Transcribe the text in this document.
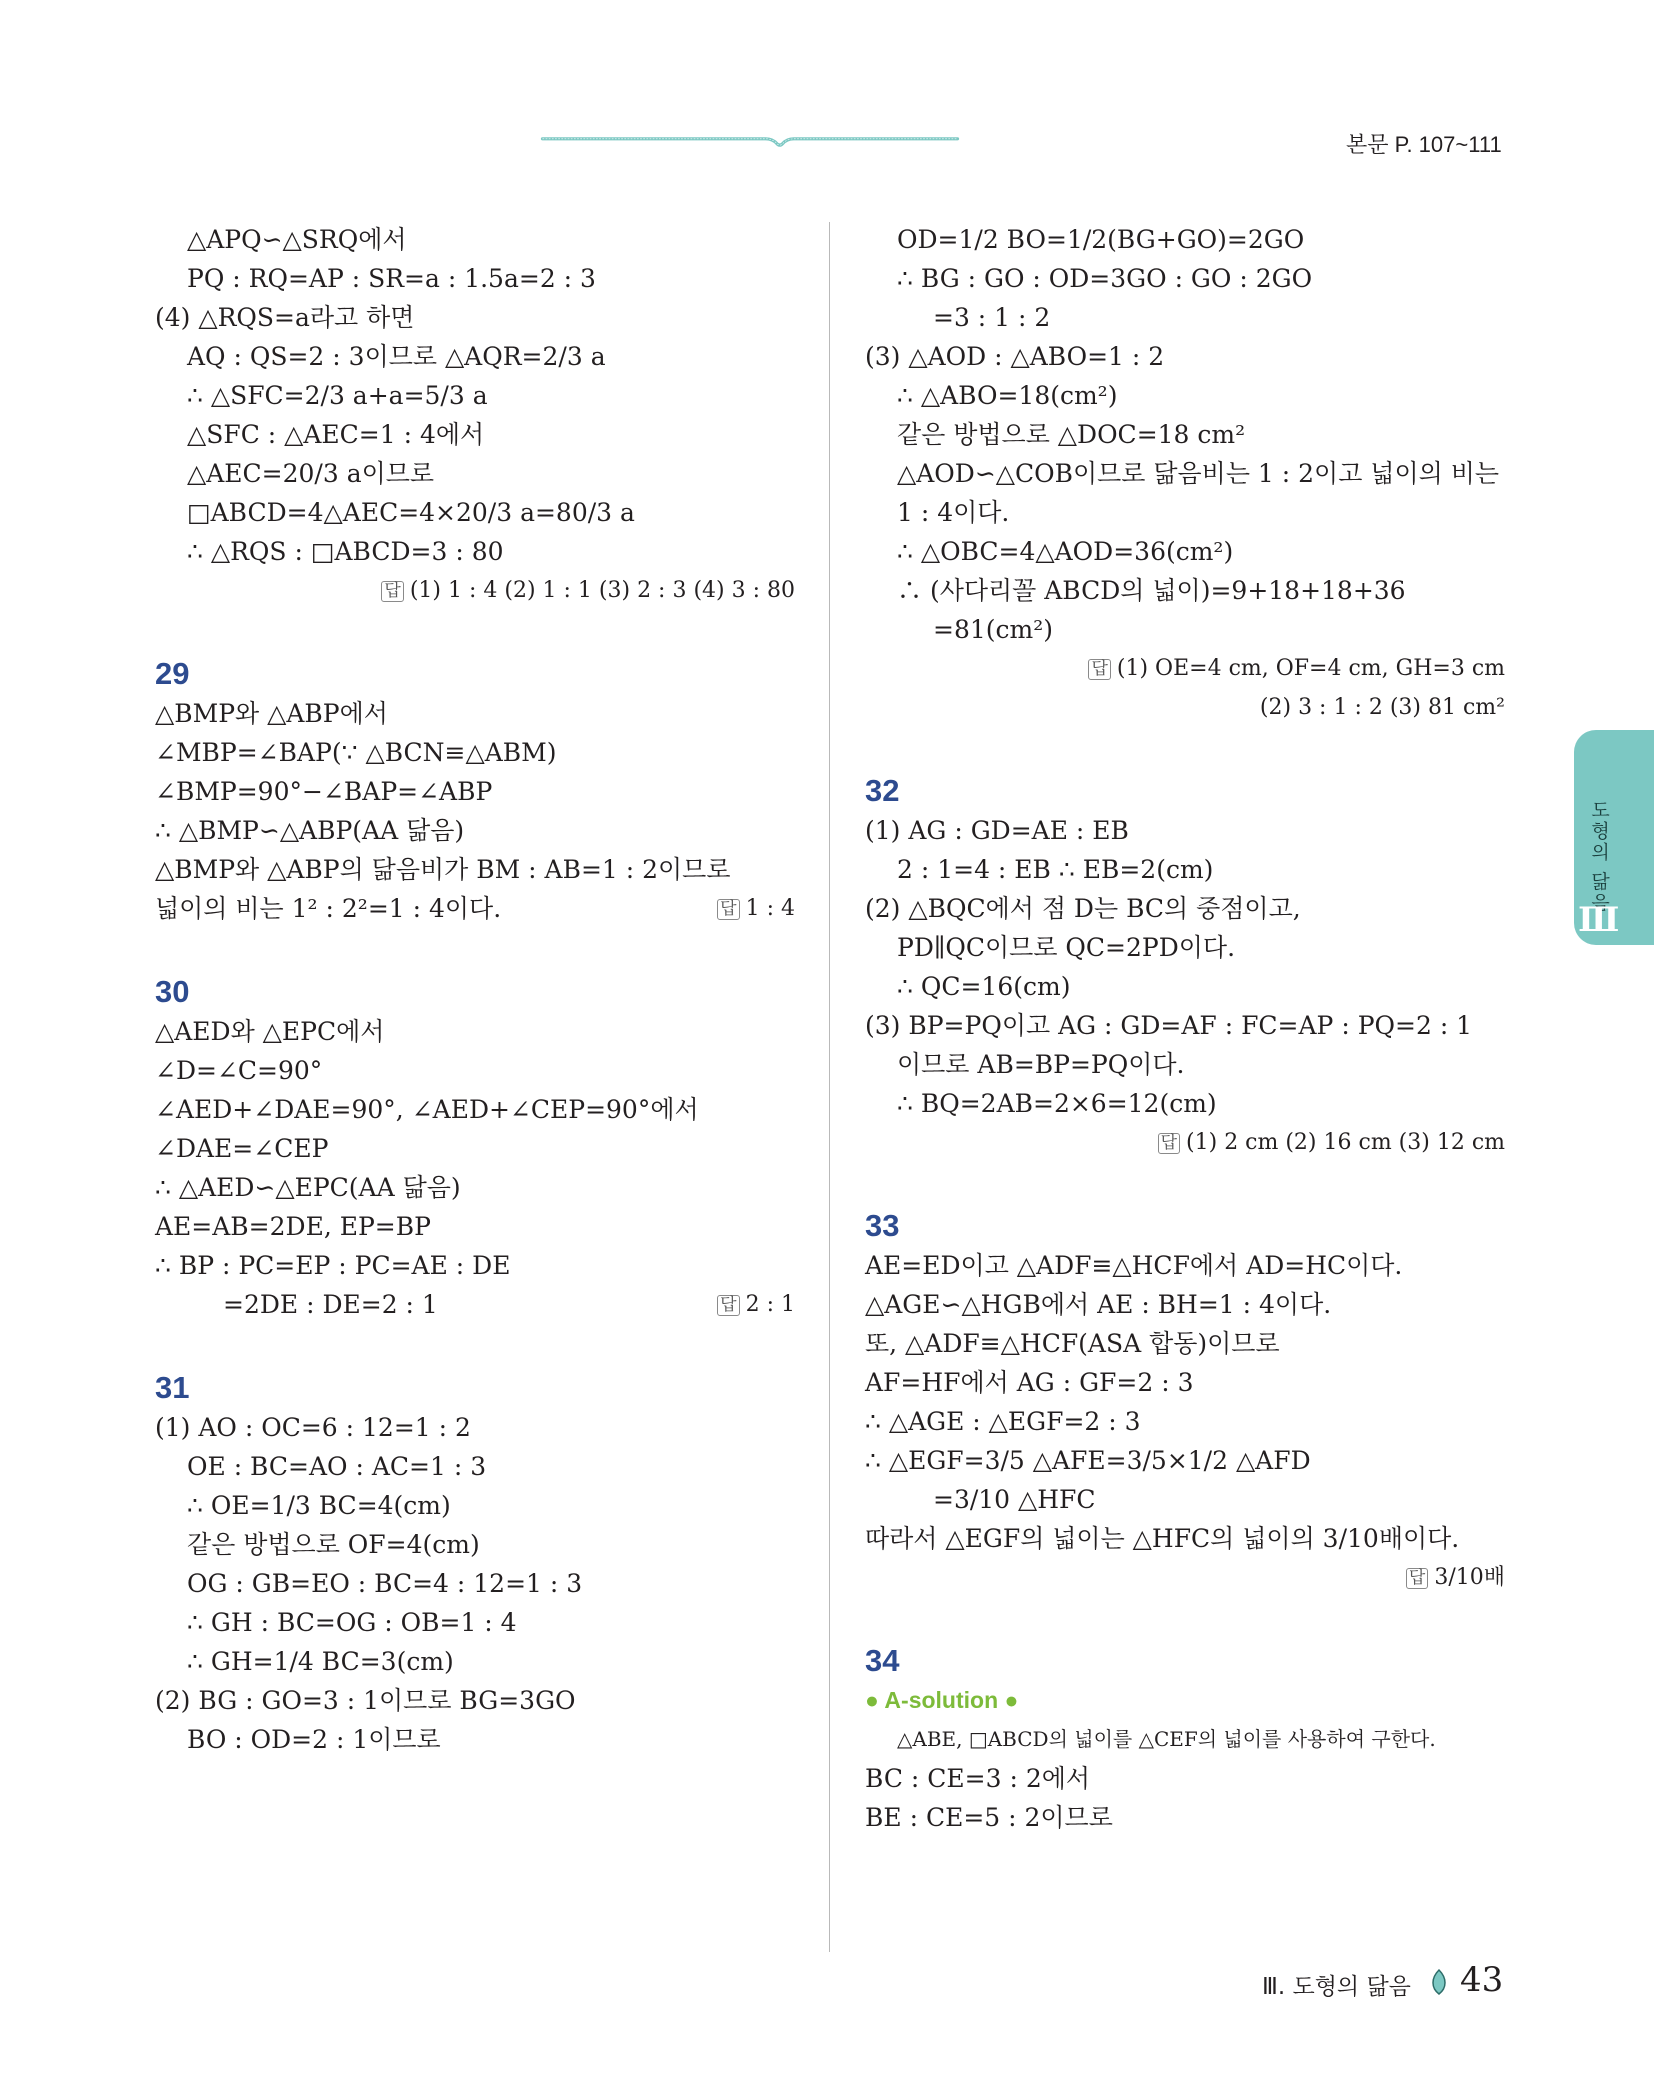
본문 P. 107~111
△APQ∽△SRQ에서
PQ : RQ=AP : SR=a : 1.5a=2 : 3
(4) △RQS=a라고 하면
AQ : QS=2 : 3이므로 △AQR=2/3 a
∴ △SFC=2/3 a+a=5/3 a
△SFC : △AEC=1 : 4에서
△AEC=20/3 a이므로
□ABCD=4△AEC=4×20/3 a=80/3 a
∴ △RQS : □ABCD=3 : 80
답 (1) 1 : 4 (2) 1 : 1 (3) 2 : 3 (4) 3 : 80
29
△BMP와 △ABP에서
∠MBP=∠BAP(∵ △BCN≡△ABM)
∠BMP=90°−∠BAP=∠ABP
∴ △BMP∽△ABP(AA 닮음)
△BMP와 △ABP의 닮음비가 BM : AB=1 : 2이므로
넓이의 비는 1² : 2²=1 : 4이다.	답 1 : 4
30
△AED와 △EPC에서
∠D=∠C=90°
∠AED+∠DAE=90°, ∠AED+∠CEP=90°에서
∠DAE=∠CEP
∴ △AED∽△EPC(AA 닮음)
AE=AB=2DE, EP=BP
∴ BP : PC=EP : PC=AE : DE
=2DE : DE=2 : 1	답 2 : 1
31
(1) AO : OC=6 : 12=1 : 2
OE : BC=AO : AC=1 : 3
∴ OE=1/3 BC=4(cm)
같은 방법으로 OF=4(cm)
OG : GB=EO : BC=4 : 12=1 : 3
∴ GH : BC=OG : OB=1 : 4
∴ GH=1/4 BC=3(cm)
(2) BG : GO=3 : 1이므로 BG=3GO
BO : OD=2 : 1이므로
OD=1/2 BO=1/2(BG+GO)=2GO
∴ BG : GO : OD=3GO : GO : 2GO
=3 : 1 : 2
(3) △AOD : △ABO=1 : 2
∴ △ABO=18(cm²)
같은 방법으로 △DOC=18 cm²
△AOD∽△COB이므로 닮음비는 1 : 2이고 넓이의 비는
1 : 4이다.
∴ △OBC=4△AOD=36(cm²)
∴ (사다리꼴 ABCD의 넓이)=9+18+18+36
=81(cm²)
답 (1) OE=4 cm, OF=4 cm, GH=3 cm
(2) 3 : 1 : 2 (3) 81 cm²
32
(1) AG : GD=AE : EB
2 : 1=4 : EB ∴ EB=2(cm)
(2) △BQC에서 점 D는 BC의 중점이고,
PD∥QC이므로 QC=2PD이다.
∴ QC=16(cm)
(3) BP=PQ이고 AG : GD=AF : FC=AP : PQ=2 : 1
이므로 AB=BP=PQ이다.
∴ BQ=2AB=2×6=12(cm)
답 (1) 2 cm (2) 16 cm (3) 12 cm
33
AE=ED이고 △ADF≡△HCF에서 AD=HC이다.
△AGE∽△HGB에서 AE : BH=1 : 4이다.
또, △ADF≡△HCF(ASA 합동)이므로
AF=HF에서 AG : GF=2 : 3
∴ △AGE : △EGF=2 : 3
∴ △EGF=3/5 △AFE=3/5×1/2 △AFD
=3/10 △HFC
따라서 △EGF의 넓이는 △HFC의 넓이의 3/10배이다.
답 3/10배
34
● A-solution ●
△ABE, □ABCD의 넓이를 △CEF의 넓이를 사용하여 구한다.
BC : CE=3 : 2에서
BE : CE=5 : 2이므로
도형의 닮음
Ⅲ
Ⅲ. 도형의 닮음 43
